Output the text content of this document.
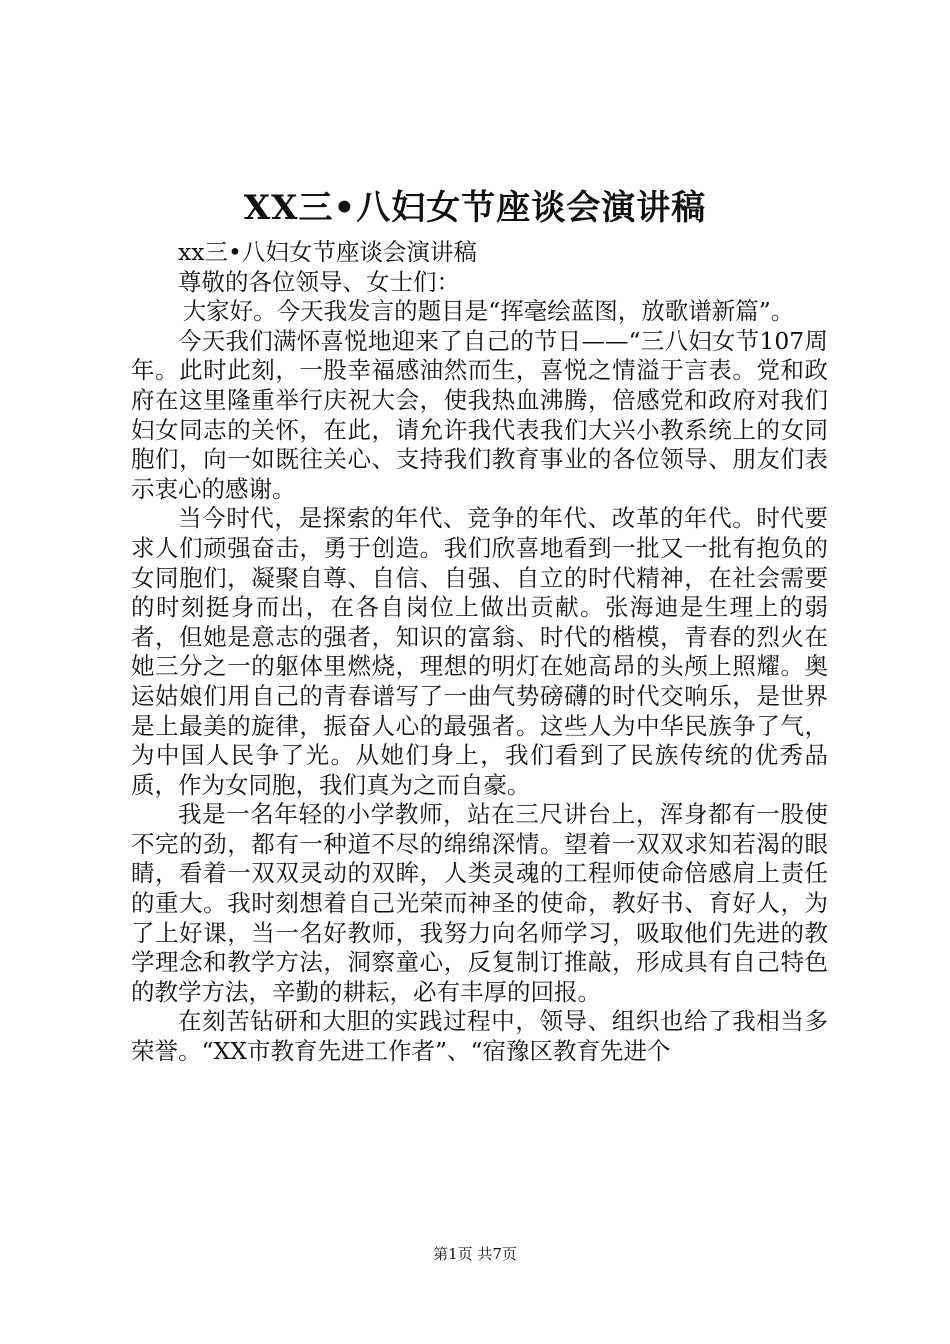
XX三•八妇女节座谈会演讲稿

xx三•八妇女节座谈会演讲稿

尊敬的各位领导、女士们：

大家好。今天我发言的题目是“挥毫绘蓝图，放歌谱新篇”。

今天我们满怀喜悦地迎来了自己的节日——“三八妇女节107周年。此时此刻，一股幸福感油然而生，喜悦之情溢于言表。党和政府在这里隆重举行庆祝大会，使我热血沸腾，倍感党和政府对我们妇女同志的关怀，在此，请允许我代表我们大兴小教系统上的女同胞们，向一如既往关心、支持我们教育事业的各位领导、朋友们表示衷心的感谢。

当今时代，是探索的年代、竞争的年代、改革的年代。时代要求人们顽强奋击，勇于创造。我们欣喜地看到一批又一批有抱负的女同胞们，凝聚自尊、自信、自强、自立的时代精神，在社会需要的时刻挺身而出，在各自岗位上做出贡献。张海迪是生理上的弱者，但她是意志的强者，知识的富翁、时代的楷模，青春的烈火在她三分之一的躯体里燃烧，理想的明灯在她高昂的头颅上照耀。奥运姑娘们用自己的青春谱写了一曲气势磅礴的时代交响乐，是世界是上最美的旋律，振奋人心的最强者。这些人为中华民族争了气，为中国人民争了光。从她们身上，我们看到了民族传统的优秀品质，作为女同胞，我们真为之而自豪。

我是一名年轻的小学教师，站在三尺讲台上，浑身都有一股使不完的劲，都有一种道不尽的绵绵深情。望着一双双求知若渴的眼睛，看着一双双灵动的双眸，人类灵魂的工程师使命倍感肩上责任的重大。我时刻想着自己光荣而神圣的使命，教好书、育好人，为了上好课，当一名好教师，我努力向名师学习，吸取他们先进的教学理念和教学方法，洞察童心，反复制订推敲，形成具有自己特色的教学方法，辛勤的耕耘，必有丰厚的回报。

在刻苦钻研和大胆的实践过程中，领导、组织也给了我相当多荣誉。“XX市教育先进工作者”、“宿豫区教育先进个

第1页 共7页
